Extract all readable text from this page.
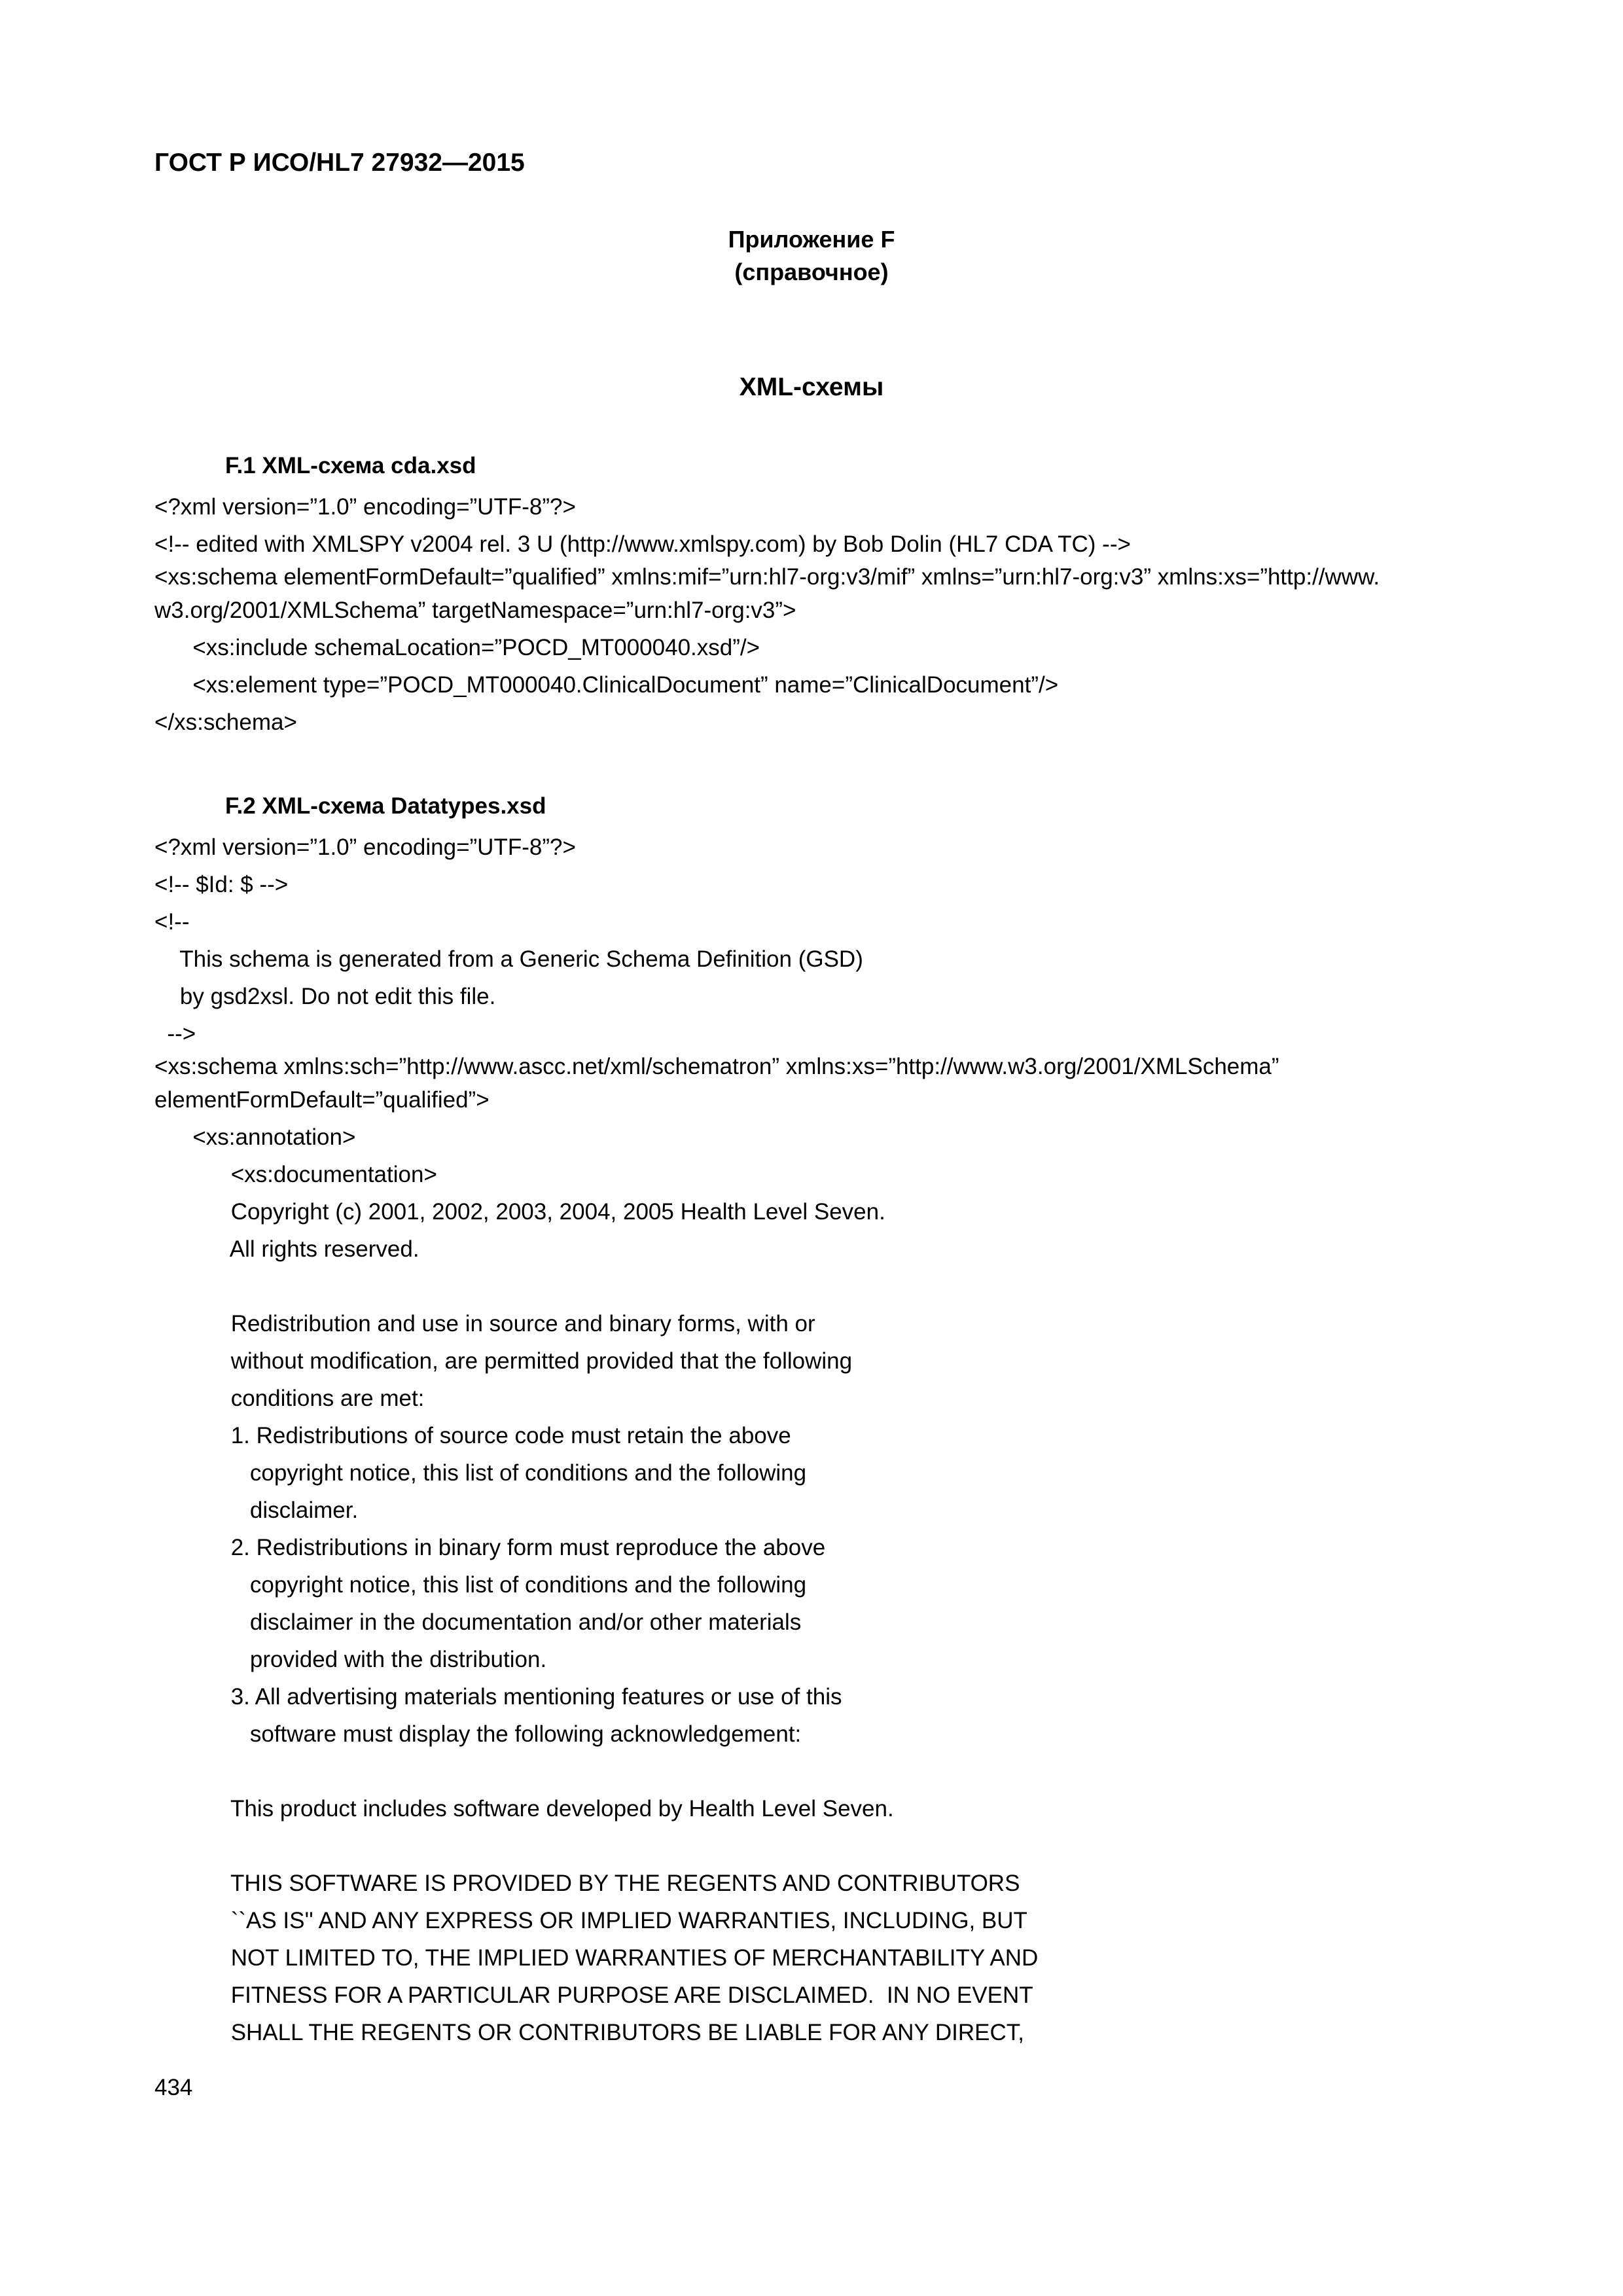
ГОСТ Р ИСО/HL7 27932—2015
Приложение F
(справочное)
XML-схемы
F.1 XML-схема cda.xsd
<?xml version=”1.0” encoding=”UTF-8”?>
<!-- edited with XMLSPY v2004 rel. 3 U (http://www.xmlspy.com) by Bob Dolin (HL7 CDA TC) -->
<xs:schema elementFormDefault=”qualified” xmlns:mif=”urn:hl7-org:v3/mif” xmlns=”urn:hl7-org:v3” xmlns:xs=”http://www.
w3.org/2001/XMLSchema” targetNamespace=”urn:hl7-org:v3”>
<xs:include schemaLocation=”POCD_MT000040.xsd”/>
<xs:element type=”POCD_MT000040.ClinicalDocument” name=”ClinicalDocument”/>
</xs:schema>
F.2 XML-схема Datatypes.xsd
<?xml version=”1.0” encoding=”UTF-8”?>
<!-- $Id: $ -->
<!--
This schema is generated from a Generic Schema Definition (GSD)
by gsd2xsl. Do not edit this file.
-->
<xs:schema xmlns:sch=”http://www.ascc.net/xml/schematron” xmlns:xs=”http://www.w3.org/2001/XMLSchema”
elementFormDefault=”qualified”>
<xs:annotation>
<xs:documentation>
Copyright (c) 2001, 2002, 2003, 2004, 2005 Health Level Seven.
All rights reserved.
Redistribution and use in source and binary forms, with or
without modification, are permitted provided that the following
conditions are met:
1. Redistributions of source code must retain the above
copyright notice, this list of conditions and the following
disclaimer.
2. Redistributions in binary form must reproduce the above
copyright notice, this list of conditions and the following
disclaimer in the documentation and/or other materials
provided with the distribution.
3. All advertising materials mentioning features or use of this
software must display the following acknowledgement:
This product includes software developed by Health Level Seven.
THIS SOFTWARE IS PROVIDED BY THE REGENTS AND CONTRIBUTORS
``AS IS'' AND ANY EXPRESS OR IMPLIED WARRANTIES, INCLUDING, BUT
NOT LIMITED TO, THE IMPLIED WARRANTIES OF MERCHANTABILITY AND
FITNESS FOR A PARTICULAR PURPOSE ARE DISCLAIMED.  IN NO EVENT
SHALL THE REGENTS OR CONTRIBUTORS BE LIABLE FOR ANY DIRECT,
434
